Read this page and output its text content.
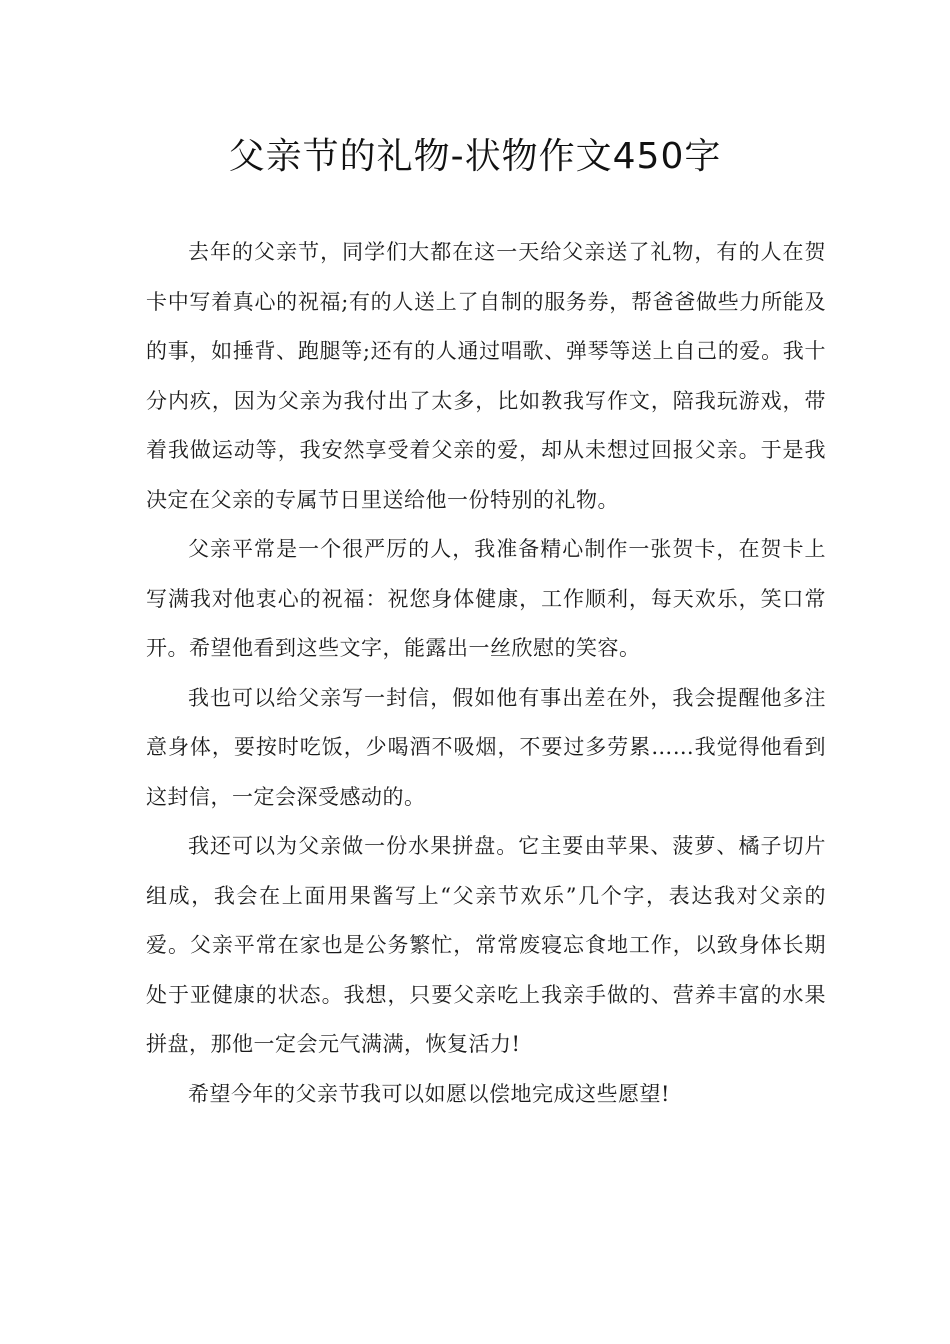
父亲节的礼物-状物作文450字

去年的父亲节，同学们大都在这一天给父亲送了礼物，有的人在贺卡中写着真心的祝福;有的人送上了自制的服务券，帮爸爸做些力所能及的事，如捶背、跑腿等;还有的人通过唱歌、弹琴等送上自己的爱。我十分内疚，因为父亲为我付出了太多，比如教我写作文，陪我玩游戏，带着我做运动等，我安然享受着父亲的爱，却从未想过回报父亲。于是我决定在父亲的专属节日里送给他一份特别的礼物。

父亲平常是一个很严厉的人，我准备精心制作一张贺卡，在贺卡上写满我对他衷心的祝福：祝您身体健康，工作顺利，每天欢乐，笑口常开。希望他看到这些文字，能露出一丝欣慰的笑容。

我也可以给父亲写一封信，假如他有事出差在外，我会提醒他多注意身体，要按时吃饭，少喝酒不吸烟，不要过多劳累……我觉得他看到这封信，一定会深受感动的。

我还可以为父亲做一份水果拼盘。它主要由苹果、菠萝、橘子切片组成，我会在上面用果酱写上“父亲节欢乐”几个字，表达我对父亲的爱。父亲平常在家也是公务繁忙，常常废寝忘食地工作，以致身体长期处于亚健康的状态。我想，只要父亲吃上我亲手做的、营养丰富的水果拼盘，那他一定会元气满满，恢复活力!

希望今年的父亲节我可以如愿以偿地完成这些愿望!
